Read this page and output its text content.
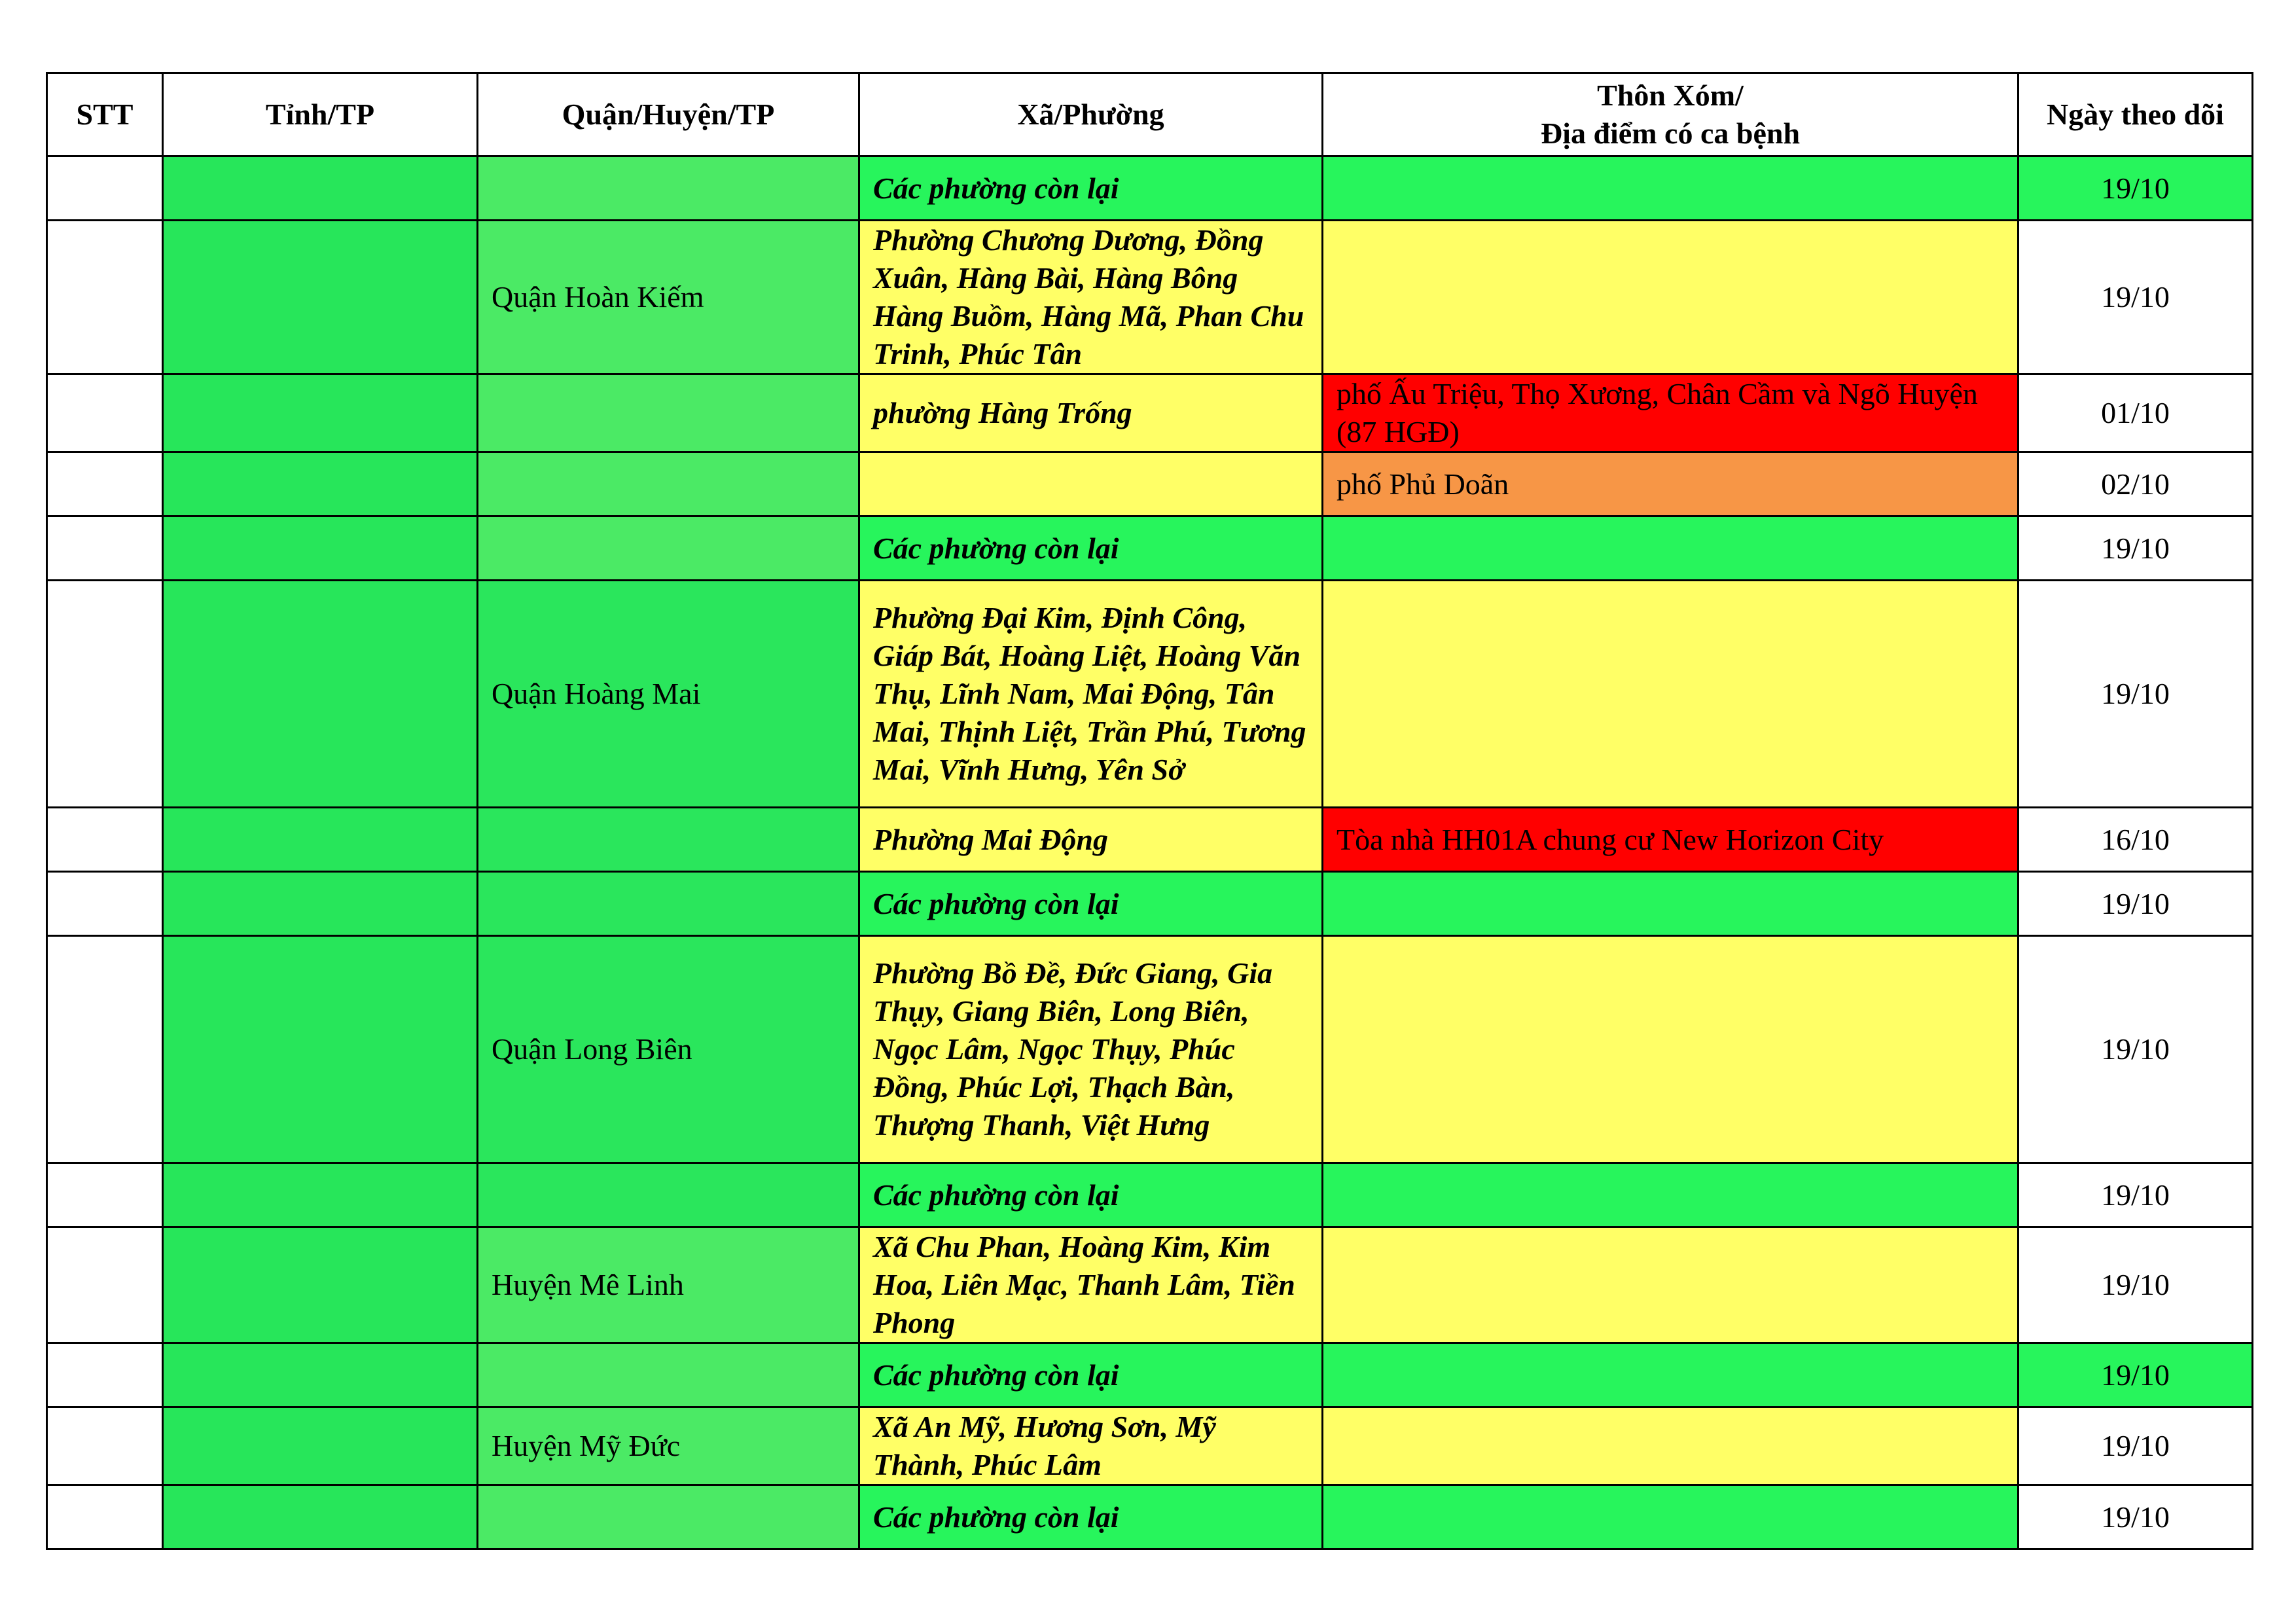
STT	Tỉnh/TP	Quận/Huyện/TP	Xã/Phường	Thôn Xóm/
Địa điểm có ca bệnh	Ngày theo dõi
			Các phường còn lại		19/10
		Quận Hoàn Kiếm	Phường Chương Dương, Đồng Xuân, Hàng Bài, Hàng Bông Hàng Buồm, Hàng Mã, Phan Chu Trinh, Phúc Tân		19/10
			phường Hàng Trống	phố Ấu Triệu, Thọ Xương, Chân Cầm và Ngõ Huyện (87 HGĐ)	01/10
				phố Phủ Doãn	02/10
			Các phường còn lại		19/10
		Quận Hoàng Mai	Phường Đại Kim, Định Công, Giáp Bát, Hoàng Liệt, Hoàng Văn Thụ, Lĩnh Nam, Mai Động, Tân Mai, Thịnh Liệt, Trần Phú, Tương Mai, Vĩnh Hưng, Yên Sở		19/10
			Phường Mai Động	Tòa nhà HH01A chung cư New Horizon City	16/10
			Các phường còn lại		19/10
		Quận Long Biên	Phường Bồ Đề, Đức Giang, Gia Thụy, Giang Biên, Long Biên, Ngọc Lâm, Ngọc Thụy, Phúc Đồng, Phúc Lợi, Thạch Bàn, Thượng Thanh, Việt Hưng		19/10
			Các phường còn lại		19/10
		Huyện Mê Linh	Xã Chu Phan, Hoàng Kim, Kim Hoa, Liên Mạc, Thanh Lâm, Tiền Phong		19/10
			Các phường còn lại		19/10
		Huyện Mỹ Đức	Xã An Mỹ, Hương Sơn, Mỹ Thành, Phúc Lâm		19/10
			Các phường còn lại		19/10
